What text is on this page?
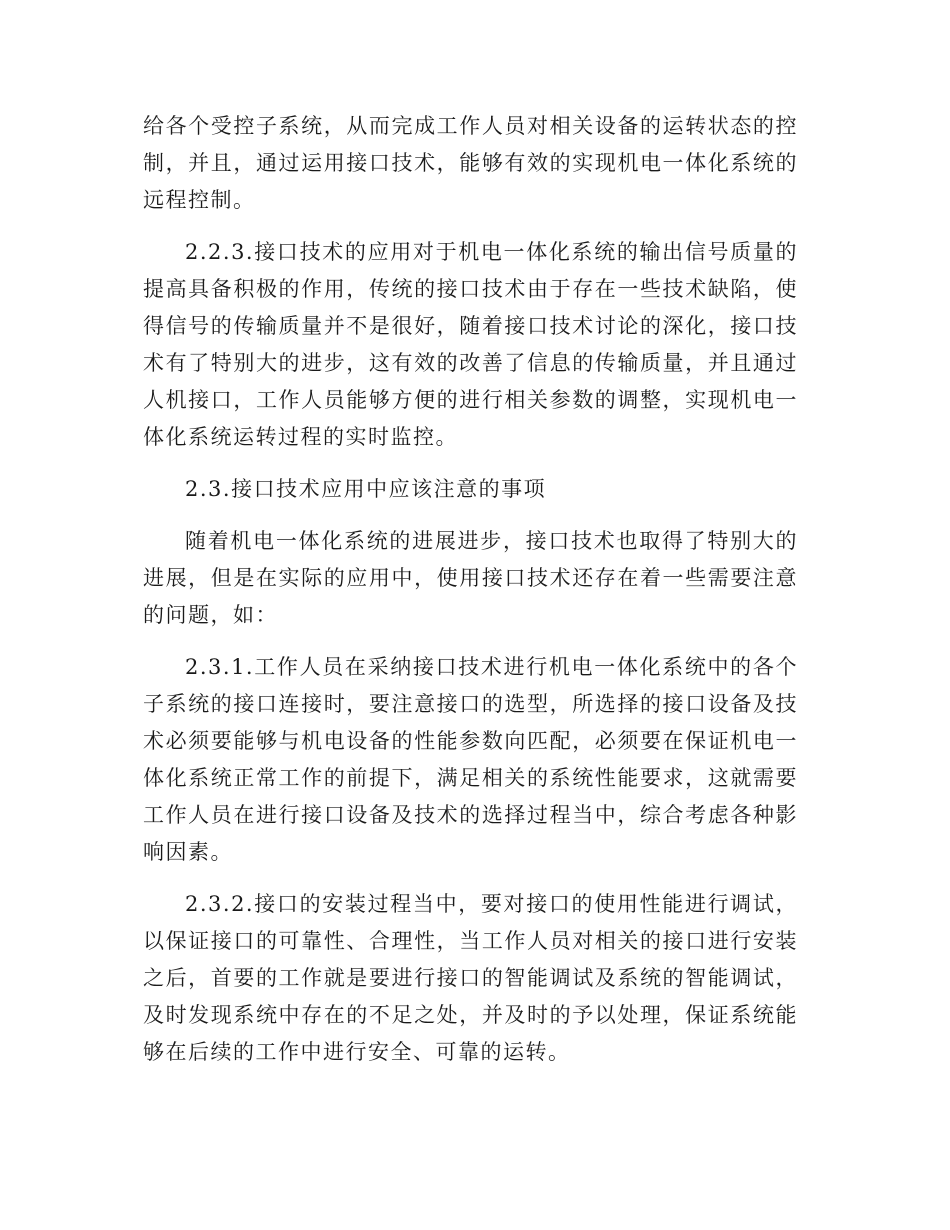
给各个受控子系统，从而完成工作人员对相关设备的运转状态的控制，并且，通过运用接口技术，能够有效的实现机电一体化系统的远程控制。

2.2.3.接口技术的应用对于机电一体化系统的输出信号质量的提高具备积极的作用，传统的接口技术由于存在一些技术缺陷，使得信号的传输质量并不是很好，随着接口技术讨论的深化，接口技术有了特别大的进步，这有效的改善了信息的传输质量，并且通过人机接口，工作人员能够方便的进行相关参数的调整，实现机电一体化系统运转过程的实时监控。

2.3.接口技术应用中应该注意的事项

随着机电一体化系统的进展进步，接口技术也取得了特别大的进展，但是在实际的应用中，使用接口技术还存在着一些需要注意的问题，如：

2.3.1.工作人员在采纳接口技术进行机电一体化系统中的各个子系统的接口连接时，要注意接口的选型，所选择的接口设备及技术必须要能够与机电设备的性能参数向匹配，必须要在保证机电一体化系统正常工作的前提下，满足相关的系统性能要求，这就需要工作人员在进行接口设备及技术的选择过程当中，综合考虑各种影响因素。

2.3.2.接口的安装过程当中，要对接口的使用性能进行调试，以保证接口的可靠性、合理性，当工作人员对相关的接口进行安装之后，首要的工作就是要进行接口的智能调试及系统的智能调试，及时发现系统中存在的不足之处，并及时的予以处理，保证系统能够在后续的工作中进行安全、可靠的运转。
